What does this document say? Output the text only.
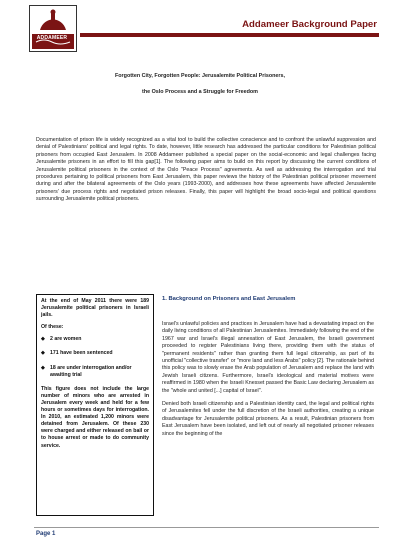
ADDAMEER
Addameer Background Paper
Forgotten City, Forgotten People: Jerusalemite Political Prisoners,
the Oslo Process and a Struggle for Freedom
Documentation of prison life is widely recognized as a vital tool to build the collective conscience and to confront the unlawful suppression and denial of Palestinians' political and legal rights. To date, however, little research has addressed the particular conditions for Palestinian political prisoners from occupied East Jerusalem. In 2008 Addameer published a special paper on the social-economic and legal challenges facing Jerusalemite prisoners in an effort to fill this gap[1]. The following paper aims to build on this report by discussing the current conditions of Jerusalemite political prisoners in the context of the Oslo "Peace Process" agreements. As well as addressing the interrogation and trial procedures pertaining to political prisoners from East Jerusalem, this paper reviews the history of the Palestinian political prisoner movement during and after the bilateral agreements of the Oslo years (1993-2000), and addresses how these agreements have affected Jerusalemite prisoners' due process rights and negotiated prison releases. Finally, this paper will highlight the broad socio-legal and political questions surrounding Jerusalemite political prisoners.

At the end of May 2011 there were 189 Jerusalemite political prisoners in Israeli jails.

Of these:

◆ 2 are women
◆ 171 have been sentenced
◆ 18 are under interrogation and/or awaiting trial

This figure does not include the large number of minors who are arrested in Jerusalem every week and held for a few hours or sometimes days for interrogation. In 2010, an estimated 1,200 minors were detained from Jerusalem. Of these 230 were charged and either released on bail or to house arrest or made to do community service.

1. Background on Prisoners and East Jerusalem

Israel's unlawful policies and practices in Jerusalem have had a devastating impact on the daily living conditions of all Palestinian Jerusalemites. Immediately following the end of the 1967 war and Israel's illegal annexation of East Jerusalem, the Israeli government proceeded to register Palestinians living there, providing them with the status of "permanent residents" rather than granting them full legal citizenship, as part of its unofficial "collective transfer" or "more land and less Arabs" policy [2]. The rationale behind this policy was to slowly erase the Arab population of Jerusalem and replace the land with Jewish Israeli citizens. Furthermore, Israel's ideological and material motives were reaffirmed in 1980 when the Israeli Knesset passed the Basic Law declaring Jerusalem as the "whole and united [...] capital of Israel".

Denied both Israeli citizenship and a Palestinian identity card, the legal and political rights of Jerusalemites fell under the full discretion of the Israeli authorities, creating a unique disadvantage for Jerusalemite political prisoners. As a result, Palestinian prisoners from East Jerusalem have been isolated, and left out of nearly all negotiated prisoner releases since the beginning of the

Page 1
